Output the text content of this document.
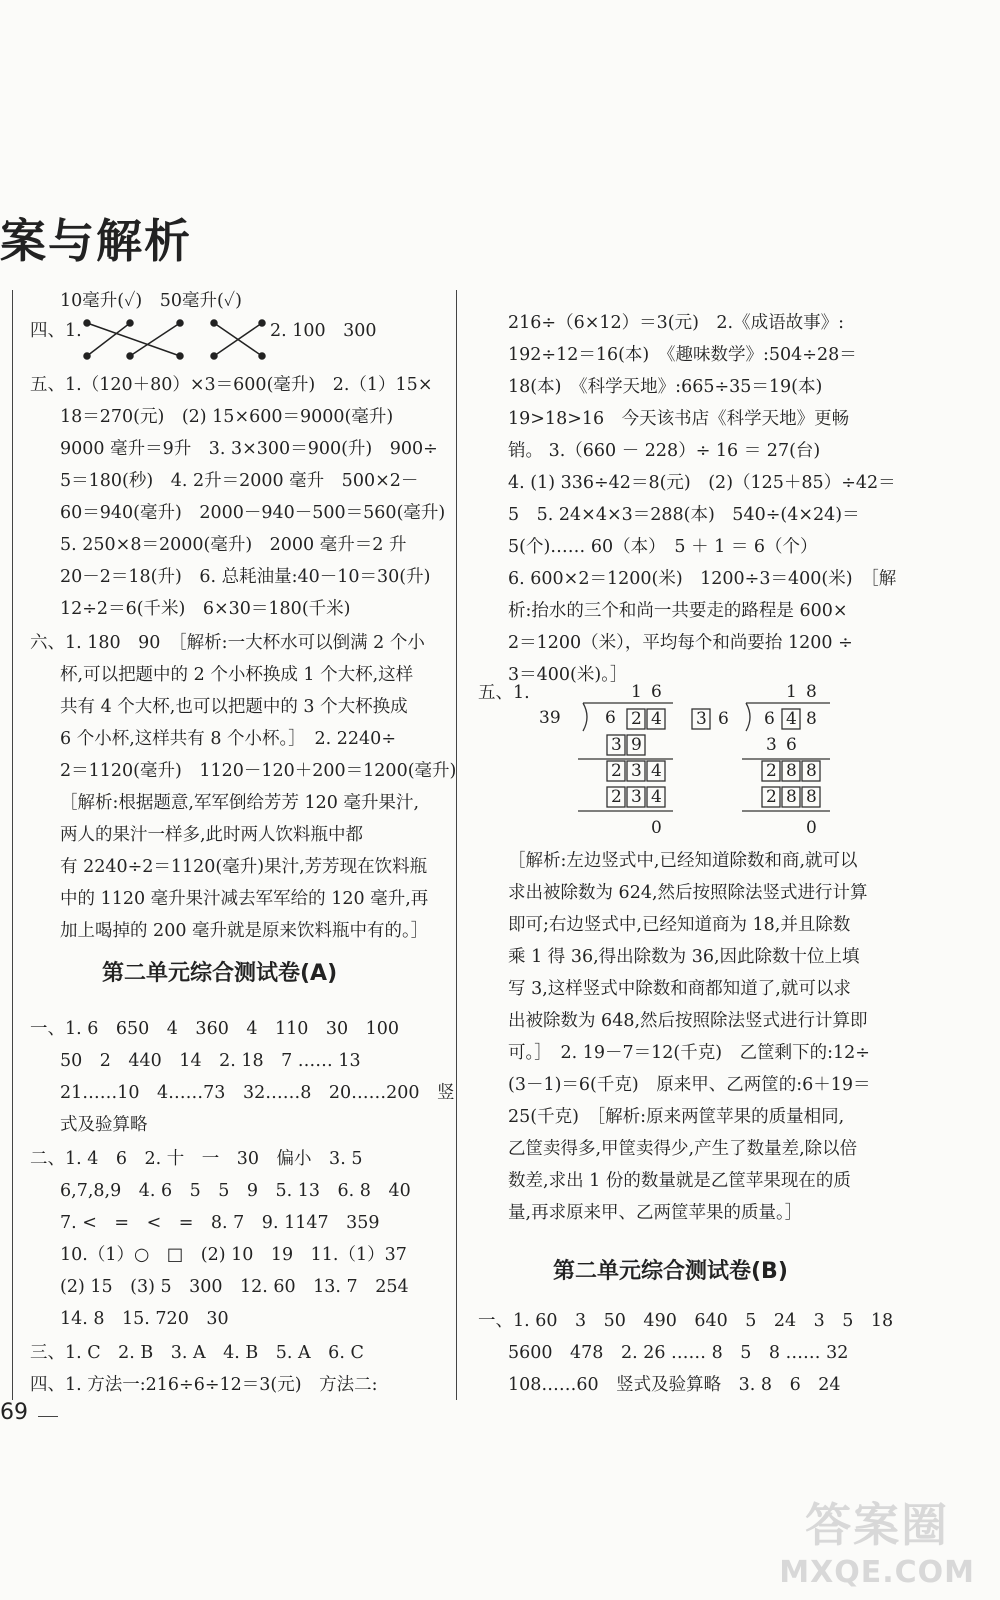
案与解析
10毫升(✓)　50毫升(✓)
四、1.	2. 100　300
五、1.（120＋80）×3＝600(毫升)　2.（1）15×
18＝270(元)　(2) 15×600＝9000(毫升)
9000 毫升＝9升　3. 3×300＝900(升)　900÷
5＝180(秒)　4. 2升＝2000 毫升　500×2－
60＝940(毫升)　2000－940－500＝560(毫升)
5. 250×8＝2000(毫升)　2000 毫升＝2 升
20－2＝18(升)　6. 总耗油量:40－10＝30(升)
12÷2＝6(千米)　6×30＝180(千米)
六、1. 180　90　［解析:一大杯水可以倒满 2 个小
杯,可以把题中的 2 个小杯换成 1 个大杯,这样
共有 4 个大杯,也可以把题中的 3 个大杯换成
6 个小杯,这样共有 8 个小杯。］　2. 2240÷
2＝1120(毫升)　1120－120＋200＝1200(毫升)
［解析:根据题意,军军倒给芳芳 120 毫升果汁,
两人的果汁一样多,此时两人饮料瓶中都
有 2240÷2＝1120(毫升)果汁,芳芳现在饮料瓶
中的 1120 毫升果汁减去军军给的 120 毫升,再
加上喝掉的 200 毫升就是原来饮料瓶中有的。］
第二单元综合测试卷(A)
一、1. 6　650　4　360　4　110　30　100
50　2　440　14　2. 18　7 …… 13
21……10　4……73　32……8　20……200　竖
式及验算略
二、1. 4　6　2. 十　一　30　偏小　3. 5
6,7,8,9　4. 6　5　5　9　5. 13　6. 8　40
7. <　=　<　=　8. 7　9. 1147　359
10.（1）○　□　(2) 10　19　11.（1）37
(2) 15　(3) 5　300　12. 60　13. 7　254
14. 8　15. 720　30
三、1. C　2. B　3. A　4. B　5. A　6. C
四、1. 方法一:216÷6÷12＝3(元)　方法二:
216÷（6×12）＝3(元)　2.《成语故事》:
192÷12＝16(本)　《趣味数学》:504÷28＝
18(本)　《科学天地》:665÷35＝19(本)
19>18>16　今天该书店《科学天地》更畅
销。 3.（660 － 228）÷ 16 ＝ 27(台)
4. (1) 336÷42＝8(元)　(2)（125＋85）÷42＝
5　5. 24×4×3＝288(本)　540÷(4×24)＝
5(个)…… 60（本）　5 ＋ 1 ＝ 6（个）
6. 600×2＝1200(米)　1200÷3＝400(米)　［解
析:抬水的三个和尚一共要走的路程是 600×
2＝1200（米），平均每个和尚要抬 1200 ÷
3＝400(米)。］
五、1.	1 6
39	6 2 4
3 9
2 3 4
2 3 4
0
1 8
3 6 6 4 8
3 6
2 8 8
2 8 8
0
［解析:左边竖式中,已经知道除数和商,就可以
求出被除数为 624,然后按照除法竖式进行计算
即可;右边竖式中,已经知道商为 18,并且除数
乘 1 得 36,得出除数为 36,因此除数十位上填
写 3,这样竖式中除数和商都知道了,就可以求
出被除数为 648,然后按照除法竖式进行计算即
可。］　2. 19－7＝12(千克)　乙筐剩下的:12÷
(3－1)＝6(千克)　原来甲、乙两筐的:6＋19＝
25(千克)　［解析:原来两筐苹果的质量相同,
乙筐卖得多,甲筐卖得少,产生了数量差,除以倍
数差,求出 1 份的数量就是乙筐苹果现在的质
量,再求原来甲、乙两筐苹果的质量。］
第二单元综合测试卷(B)
一、1. 60　3　50　490　640　5　24　3　5　18
5600　478　2. 26 …… 8　5　8 …… 32
108……60　竖式及验算略　3. 8　6　24
69
答案圈
MXQE.COM
